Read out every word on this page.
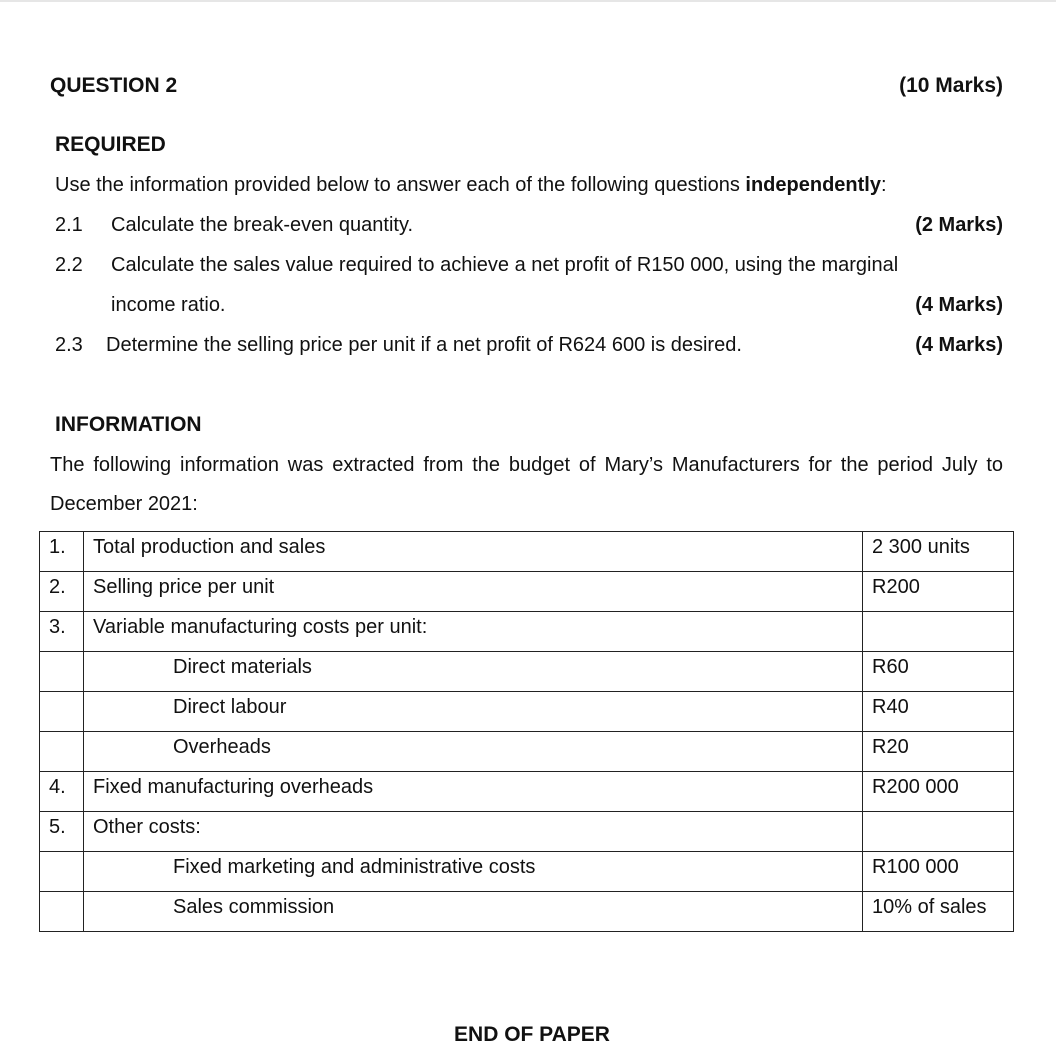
QUESTION 2	(10 Marks)
REQUIRED
Use the information provided below to answer each of the following questions independently:
2.1 Calculate the break-even quantity.	(2 Marks)
2.2 Calculate the sales value required to achieve a net profit of R150 000, using the marginal
income ratio.	(4 Marks)
2.3 Determine the selling price per unit if a net profit of R624 600 is desired.	(4 Marks)
INFORMATION
The following information was extracted from the budget of Mary’s Manufacturers for the period July to
December 2021:
1.	Total production and sales	2 300 units
2.	Selling price per unit	R200
3.	Variable manufacturing costs per unit:	
	Direct materials	R60
	Direct labour	R40
	Overheads	R20
4.	Fixed manufacturing overheads	R200 000
5.	Other costs:	
	Fixed marketing and administrative costs	R100 000
	Sales commission	10% of sales
END OF PAPER
